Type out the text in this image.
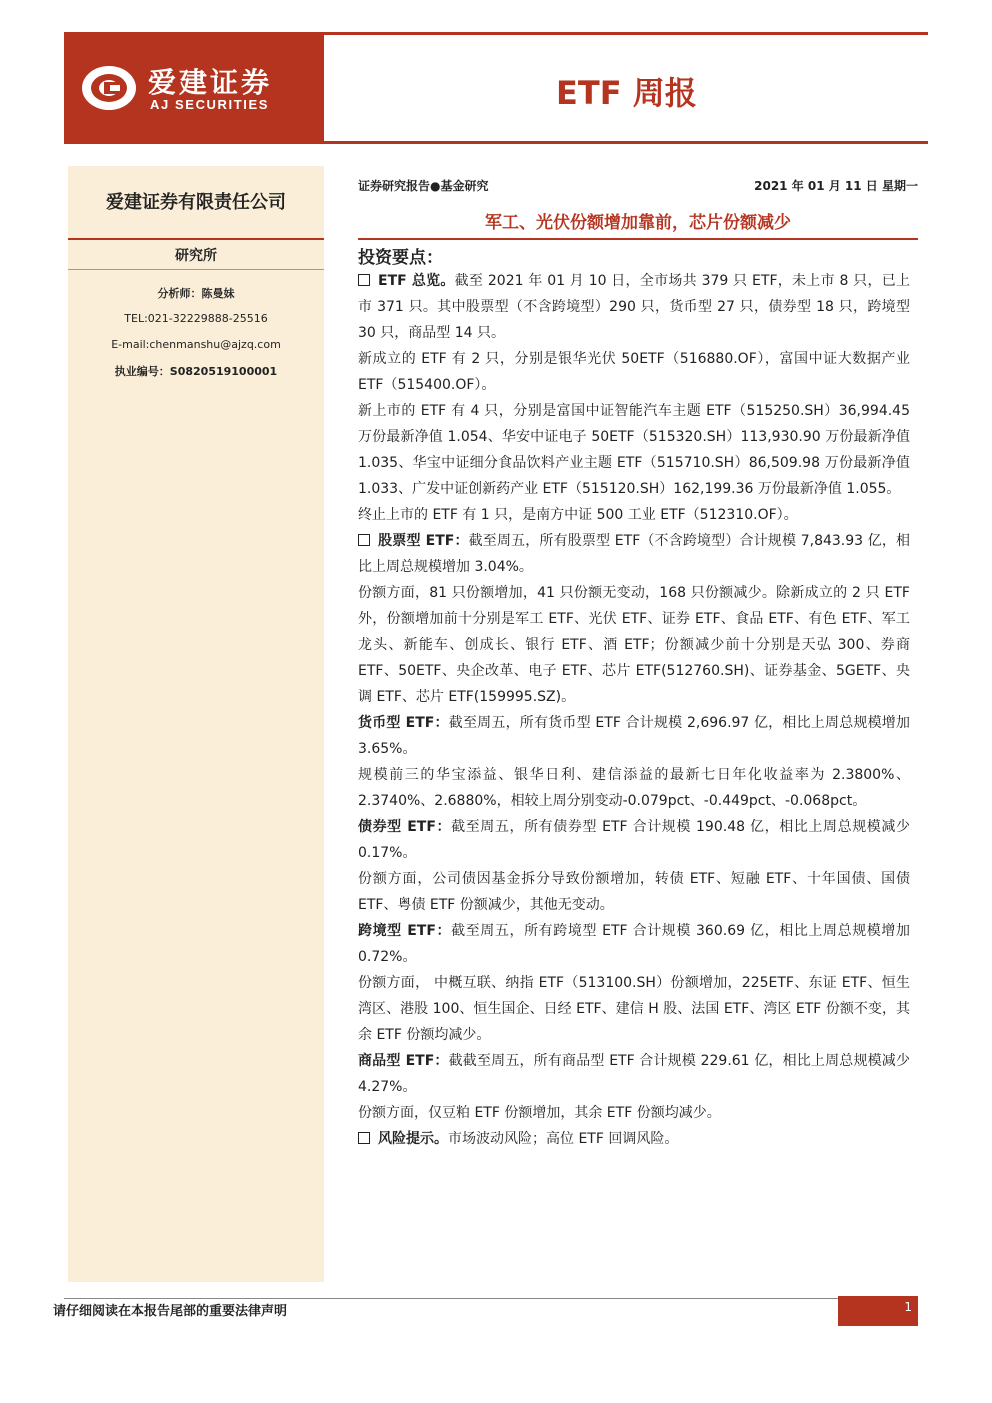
爱建证券
AJ SECURITIES	ETF 周报
爱建证券有限责任公司
研究所
分析师：陈曼妹
TEL:021-32229888-25516
E-mail:chenmanshu@ajzq.com
执业编号：S0820519100001
证券研究报告●基金研究	2021 年 01 月 11 日 星期一
军工、光伏份额增加靠前，芯片份额减少
投资要点：

ETF 总览。截至 2021 年 01 月 10 日，全市场共 379 只 ETF，未上市 8 只，已上市 371 只。其中股票型（不含跨境型）290 只，货币型 27 只，债券型 18 只，跨境型 30 只，商品型 14 只。

新成立的 ETF 有 2 只，分别是银华光伏 50ETF（516880.OF），富国中证大数据产业 ETF（515400.OF）。

新上市的 ETF 有 4 只，分别是富国中证智能汽车主题 ETF（515250.SH）36,994.45 万份最新净值 1.054、华安中证电子 50ETF（515320.SH）113,930.90 万份最新净值 1.035、华宝中证细分食品饮料产业主题 ETF（515710.SH）86,509.98 万份最新净值 1.033、广发中证创新药产业 ETF（515120.SH）162,199.36 万份最新净值 1.055。

终止上市的 ETF 有 1 只，是南方中证 500 工业 ETF（512310.OF）。

股票型 ETF：截至周五，所有股票型 ETF（不含跨境型）合计规模 7,843.93 亿，相比上周总规模增加 3.04%。

份额方面，81 只份额增加，41 只份额无变动，168 只份额减少。除新成立的 2 只 ETF 外，份额增加前十分别是军工 ETF、光伏 ETF、证券 ETF、食品 ETF、有色 ETF、军工龙头、新能车、创成长、银行 ETF、酒 ETF；份额减少前十分别是天弘 300、券商 ETF、50ETF、央企改革、电子 ETF、芯片 ETF(512760.SH)、证券基金、5GETF、央调 ETF、芯片 ETF(159995.SZ)。

货币型 ETF：截至周五，所有货币型 ETF 合计规模 2,696.97 亿，相比上周总规模增加 3.65%。

规模前三的华宝添益、银华日利、建信添益的最新七日年化收益率为 2.3800%、2.3740%、2.6880%，相较上周分别变动-0.079pct、-0.449pct、-0.068pct。

债券型 ETF：截至周五，所有债券型 ETF 合计规模 190.48 亿，相比上周总规模减少 0.17%。

份额方面，公司债因基金拆分导致份额增加，转债 ETF、短融 ETF、十年国债、国债 ETF、粤债 ETF 份额减少，其他无变动。

跨境型 ETF：截至周五，所有跨境型 ETF 合计规模 360.69 亿，相比上周总规模增加 0.72%。

份额方面， 中概互联、纳指 ETF（513100.SH）份额增加，225ETF、东证 ETF、恒生湾区、港股 100、恒生国企、日经 ETF、建信 H 股、法国 ETF、湾区 ETF 份额不变，其余 ETF 份额均减少。

商品型 ETF：截截至周五，所有商品型 ETF 合计规模 229.61 亿，相比上周总规模减少 4.27%。

份额方面，仅豆粕 ETF 份额增加，其余 ETF 份额均减少。

风险提示。市场波动风险；高位 ETF 回调风险。

请仔细阅读在本报告尾部的重要法律声明	1
